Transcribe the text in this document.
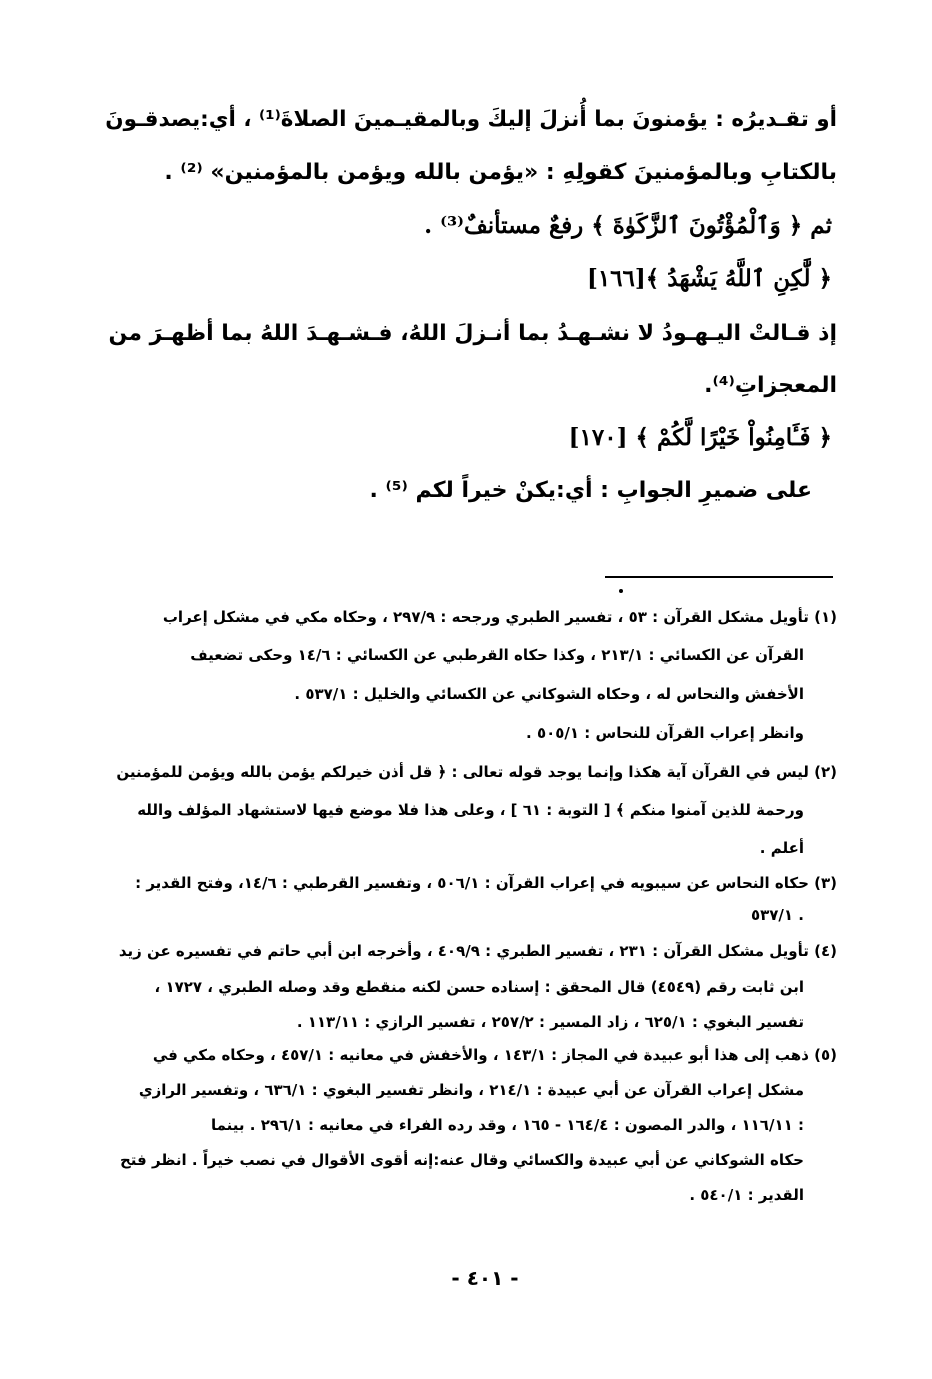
أو تقـديرُه : يؤمنونَ بما أُنزلَ إليكَ وبالمقيـمينَ الصلاةَ⁽¹⁾ ، أي:يصدقـونَ
بالكتابِ وبالمؤمنينَ كقولِهِ : «يؤمن بالله ويؤمن بالمؤمنين» ⁽²⁾ .
ثم ﴿ وَٱلْمُؤْتُونَ ٱلزَّكَوٰةَ ﴾ رفعٌ مستأنفٌ⁽³⁾ .
﴿ لَّٰكِنِ ٱللَّهُ يَشْهَدُ ﴾[١٦٦]
إذ قـالتْ اليـهـودُ لا نشـهـدُ بما أنـزلَ اللهُ، فـشـهـدَ اللهُ بما أظهـرَ من
المعجزاتِ⁽⁴⁾.
﴿ فَـَٔامِنُواْ خَيْرًا لَّكُمْ ﴾ [١٧٠]
على ضميرِ الجوابِ : أي:يكنْ خيراً لكم ⁽⁵⁾ .
(١) تأويل مشكل القرآن : ٥٣ ، تفسير الطبري ورجحه : ٢٩٧/٩ ، وحكاه مكي في مشكل إعراب
القرآن عن الكسائي : ٢١٣/١ ، وكذا حكاه القرطبي عن الكسائي : ١٤/٦ وحكى تضعيف
الأخفش والنحاس له ، وحكاه الشوكاني عن الكسائي والخليل : ٥٣٧/١ .
وانظر إعراب القرآن للنحاس : ٥٠٥/١ .
(٢) ليس في القرآن آية هكذا وإنما يوجد قوله تعالى : ﴿ قل أذن خيرلكم يؤمن بالله ويؤمن للمؤمنين
ورحمة للذين آمنوا منكم ﴾ [ التوبة : ٦١ ] ، وعلى هذا فلا موضع فيها لاستشهاد المؤلف والله
أعلم .
(٣) حكاه النحاس عن سيبويه في إعراب القرآن : ٥٠٦/١ ، وتفسير القرطبي : ١٤/٦، وفتح القدير :
٥٣٧/١ .
(٤) تأويل مشكل القرآن : ٢٣١ ، تفسير الطبري : ٤٠٩/٩ ، وأخرجه ابن أبي حاتم في تفسيره عن زيد
ابن ثابت رقم (٤٥٤٩) قال المحقق : إسناده حسن لكنه منقطع وقد وصله الطبري ، ١٧٢٧ ،
تفسير البغوي : ٦٢٥/١ ، زاد المسير : ٢٥٧/٢ ، تفسير الرازي : ١١٣/١١ .
(٥) ذهب إلى هذا أبو عبيدة في المجاز : ١٤٣/١ ، والأخفش في معانيه : ٤٥٧/١ ، وحكاه مكي في
مشكل إعراب القرآن عن أبي عبيدة : ٢١٤/١ ، وانظر تفسير البغوي : ٦٣٦/١ ، وتفسير الرازي
: ١١٦/١١ ، والدر المصون : ١٦٤/٤ - ١٦٥ ، وقد رده الفراء في معانيه : ٢٩٦/١ . بينما
حكاه الشوكاني عن أبي عبيدة والكسائي وقال عنه:إنه أقوى الأقوال في نصب خيراً . انظر فتح
القدير : ٥٤٠/١ .
- ٤٠١ -
